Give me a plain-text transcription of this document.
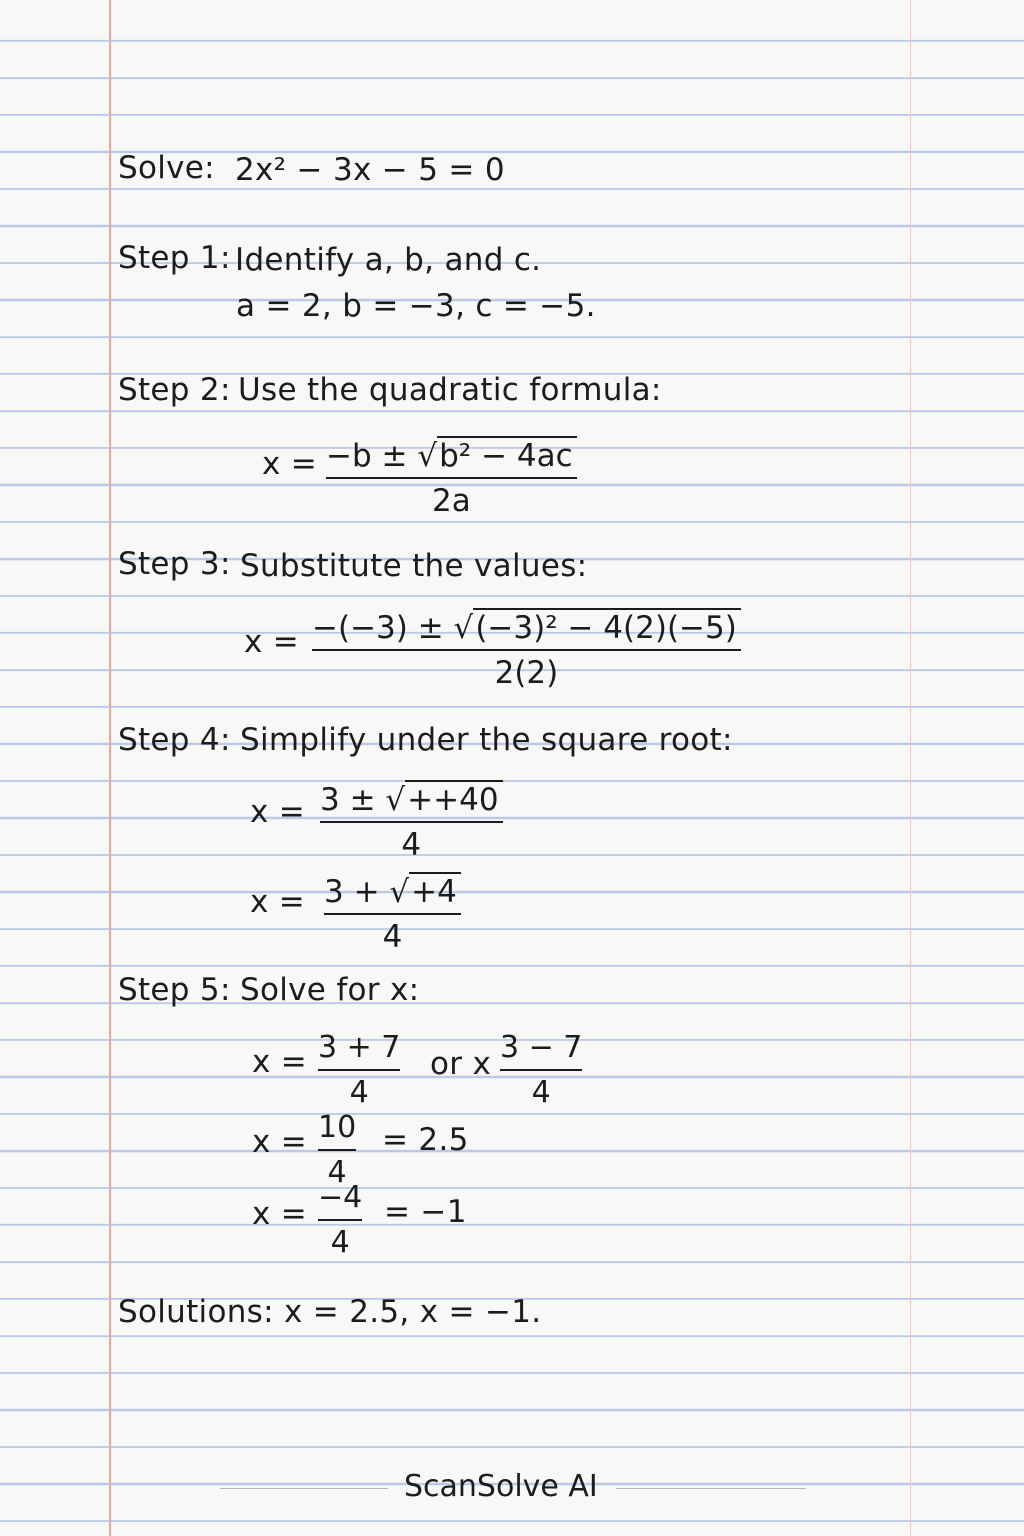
Solve: 2x² − 3x − 5 = 0
Step 1: Identify a, b, and c.
a = 2, b = −3, c = −5.
Step 2: Use the quadratic formula:
x = −b ± √b² − 4ac
2a
Step 3: Substitute the values:
x = −(−3) ± √(−3)² − 4(2)(−5)
2(2)
Step 4: Simplify under the square root:
x = 3 ± √++40
4
x = 3 + √+4
4
Step 5: Solve for x:
x = 3 + 7
4
or x 3 − 7
4
x = 10
4
= 2.5
x = −4
4
= −1
Solutions: x = 2.5, x = −1.
ScanSolve AI
